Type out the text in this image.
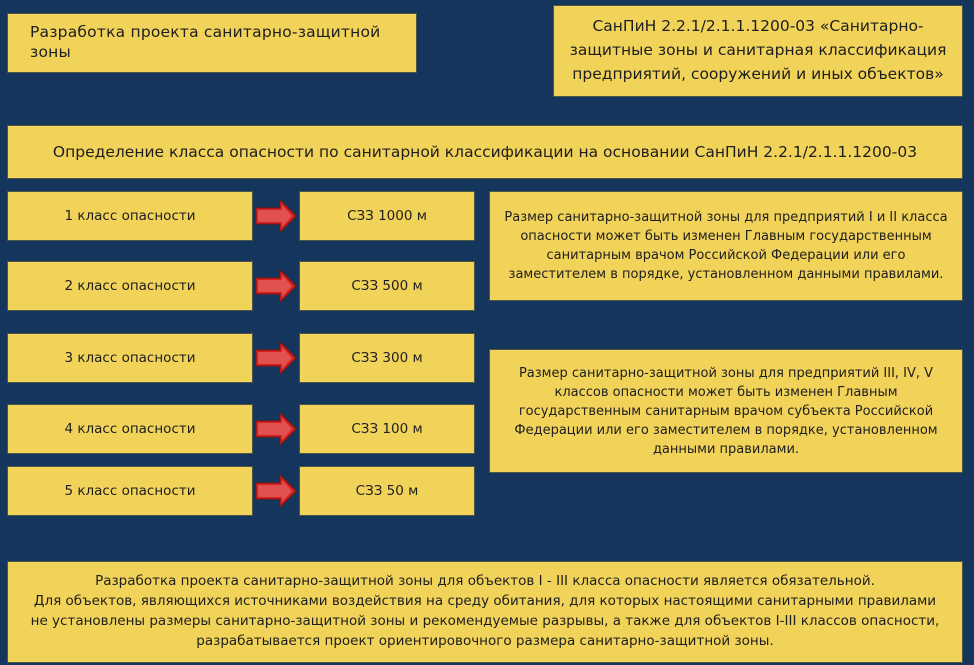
Разработка проекта санитарно-защитной зоны
СанПиН 2.2.1/2.1.1.1200-03 «Санитарно-защитные зоны и санитарная классификация предприятий, сооружений и иных объектов»
Определение класса опасности по санитарной классификации на основании СанПиН 2.2.1/2.1.1.1200-03
1 класс опасности
2 класс опасности
3 класс опасности
4 класс опасности
5 класс опасности
СЗЗ 1000 м
СЗЗ 500 м
СЗЗ 300 м
СЗЗ 100 м
СЗЗ 50 м
Размер санитарно-защитной зоны для предприятий I и II класса опасности может быть изменен Главным государственным санитарным врачом Российской Федерации или его заместителем в порядке, установленном данными правилами.
Размер санитарно-защитной зоны для предприятий III, IV, V классов опасности может быть изменен Главным государственным санитарным врачом субъекта Российской Федерации или его заместителем в порядке, установленном данными правилами.
Разработка проекта санитарно-защитной зоны для объектов I - III класса опасности является обязательной.
Для объектов, являющихся источниками воздействия на среду обитания, для которых настоящими санитарными правилами не установлены размеры санитарно-защитной зоны и рекомендуемые разрывы, а также для объектов I-III классов опасности, разрабатывается проект ориентировочного размера санитарно-защитной зоны.
